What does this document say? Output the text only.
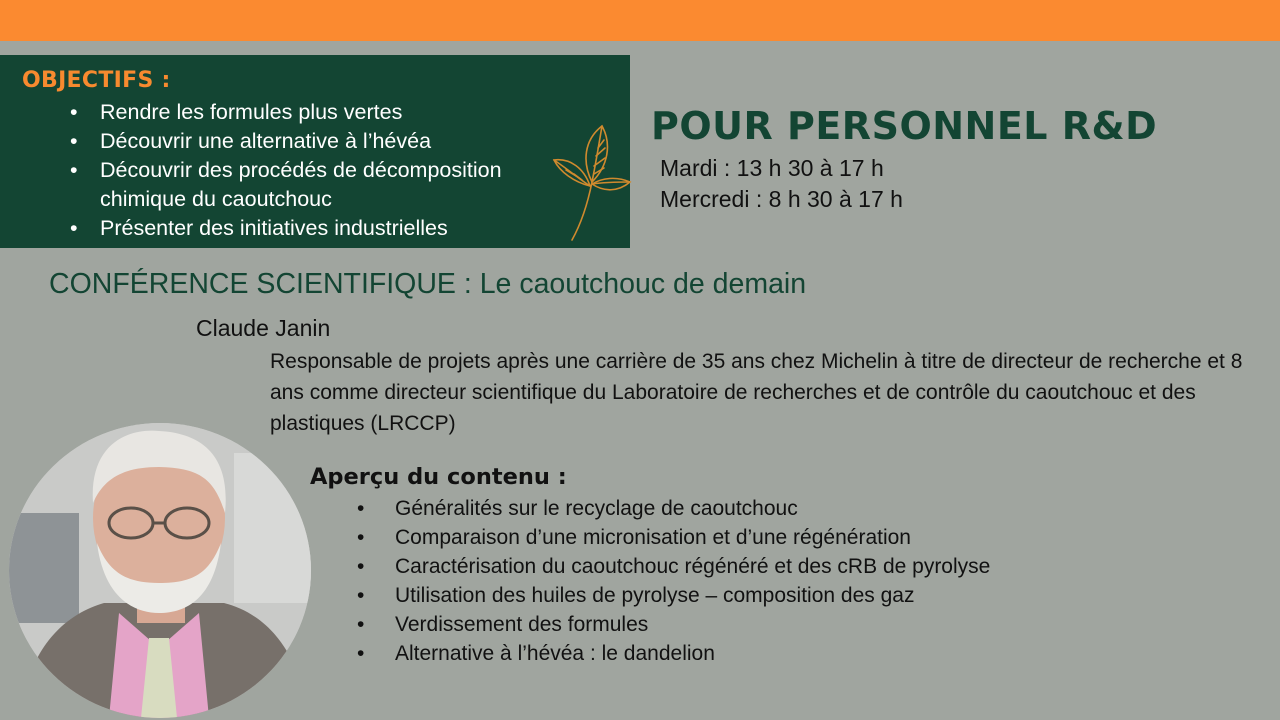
OBJECTIFS :
• Rendre les formules plus vertes
• Découvrir une alternative à l’hévéa
• Découvrir des procédés de décomposition chimique du caoutchouc
• Présenter des initiatives industrielles
POUR PERSONNEL R&D
Mardi : 13 h 30 à 17 h
Mercredi : 8 h 30 à 17 h
CONFÉRENCE SCIENTIFIQUE : Le caoutchouc de demain
Claude Janin
Responsable de projets après une carrière de 35 ans chez Michelin à titre de directeur de recherche et 8 ans comme directeur scientifique du Laboratoire de recherches et de contrôle du caoutchouc et des plastiques (LRCCP)
Aperçu du contenu :
• Généralités sur le recyclage de caoutchouc
• Comparaison d’une micronisation et d’une régénération
• Caractérisation du caoutchouc régénéré et des cRB de pyrolyse
• Utilisation des huiles de pyrolyse – composition des gaz
• Verdissement des formules
• Alternative à l’hévéa : le dandelion
